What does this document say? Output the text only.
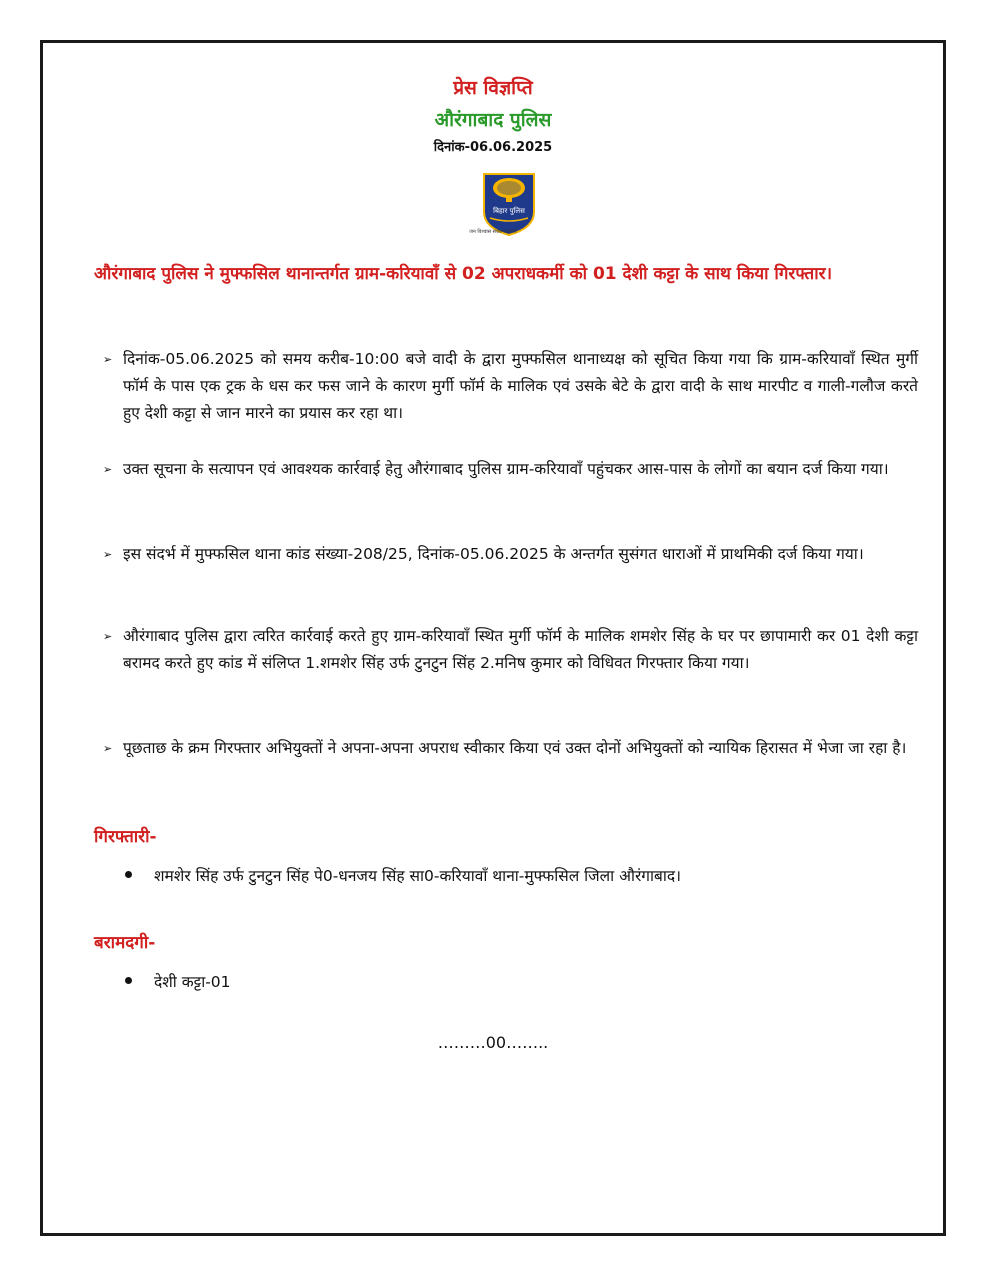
प्रेस विज्ञप्ति
औरंगाबाद पुलिस
दिनांक-06.06.2025
बिहार पुलिस
जन विश्वास संकल्प हमारा
औरंगाबाद पुलिस ने मुफ्फसिल थानान्तर्गत ग्राम-करियावाँ से 02 अपराधकर्मी को 01 देशी कट्टा के साथ किया गिरफ्तार।
➢ दिनांक-05.06.2025 को समय करीब-10:00 बजे वादी के द्वारा मुफ्फसिल थानाध्यक्ष को सूचित किया गया कि ग्राम-करियावाँ स्थित मुर्गी फॉर्म के पास एक ट्रक के धस कर फस जाने के कारण मुर्गी फॉर्म के मालिक एवं उसके बेटे के द्वारा वादी के साथ मारपीट व गाली-गलौज करते हुए देशी कट्टा से जान मारने का प्रयास कर रहा था।
➢ उक्त सूचना के सत्यापन एवं आवश्यक कार्रवाई हेतु औरंगाबाद पुलिस ग्राम-करियावाँ पहुंचकर आस-पास के लोगों का बयान दर्ज किया गया।
➢ इस संदर्भ में मुफ्फसिल थाना कांड संख्या-208/25, दिनांक-05.06.2025 के अन्तर्गत सुसंगत धाराओं में प्राथमिकी दर्ज किया गया।
➢ औरंगाबाद पुलिस द्वारा त्वरित कार्रवाई करते हुए ग्राम-करियावाँ स्थित मुर्गी फॉर्म के मालिक शमशेर सिंह के घर पर छापामारी कर 01 देशी कट्टा बरामद करते हुए कांड में संलिप्त 1.शमशेर सिंह उर्फ टुनटुन सिंह 2.मनिष कुमार को विधिवत गिरफ्तार किया गया।
➢ पूछताछ के क्रम गिरफ्तार अभियुक्तों ने अपना-अपना अपराध स्वीकार किया एवं उक्त दोनों अभियुक्तों को न्यायिक हिरासत में भेजा जा रहा है।
गिरफ्तारी-
शमशेर सिंह उर्फ टुनटुन सिंह पे0-धनजय सिंह सा0-करियावाँ थाना-मुफ्फसिल जिला औरंगाबाद।
बरामदगी-
देशी कट्टा-01
………00……..
